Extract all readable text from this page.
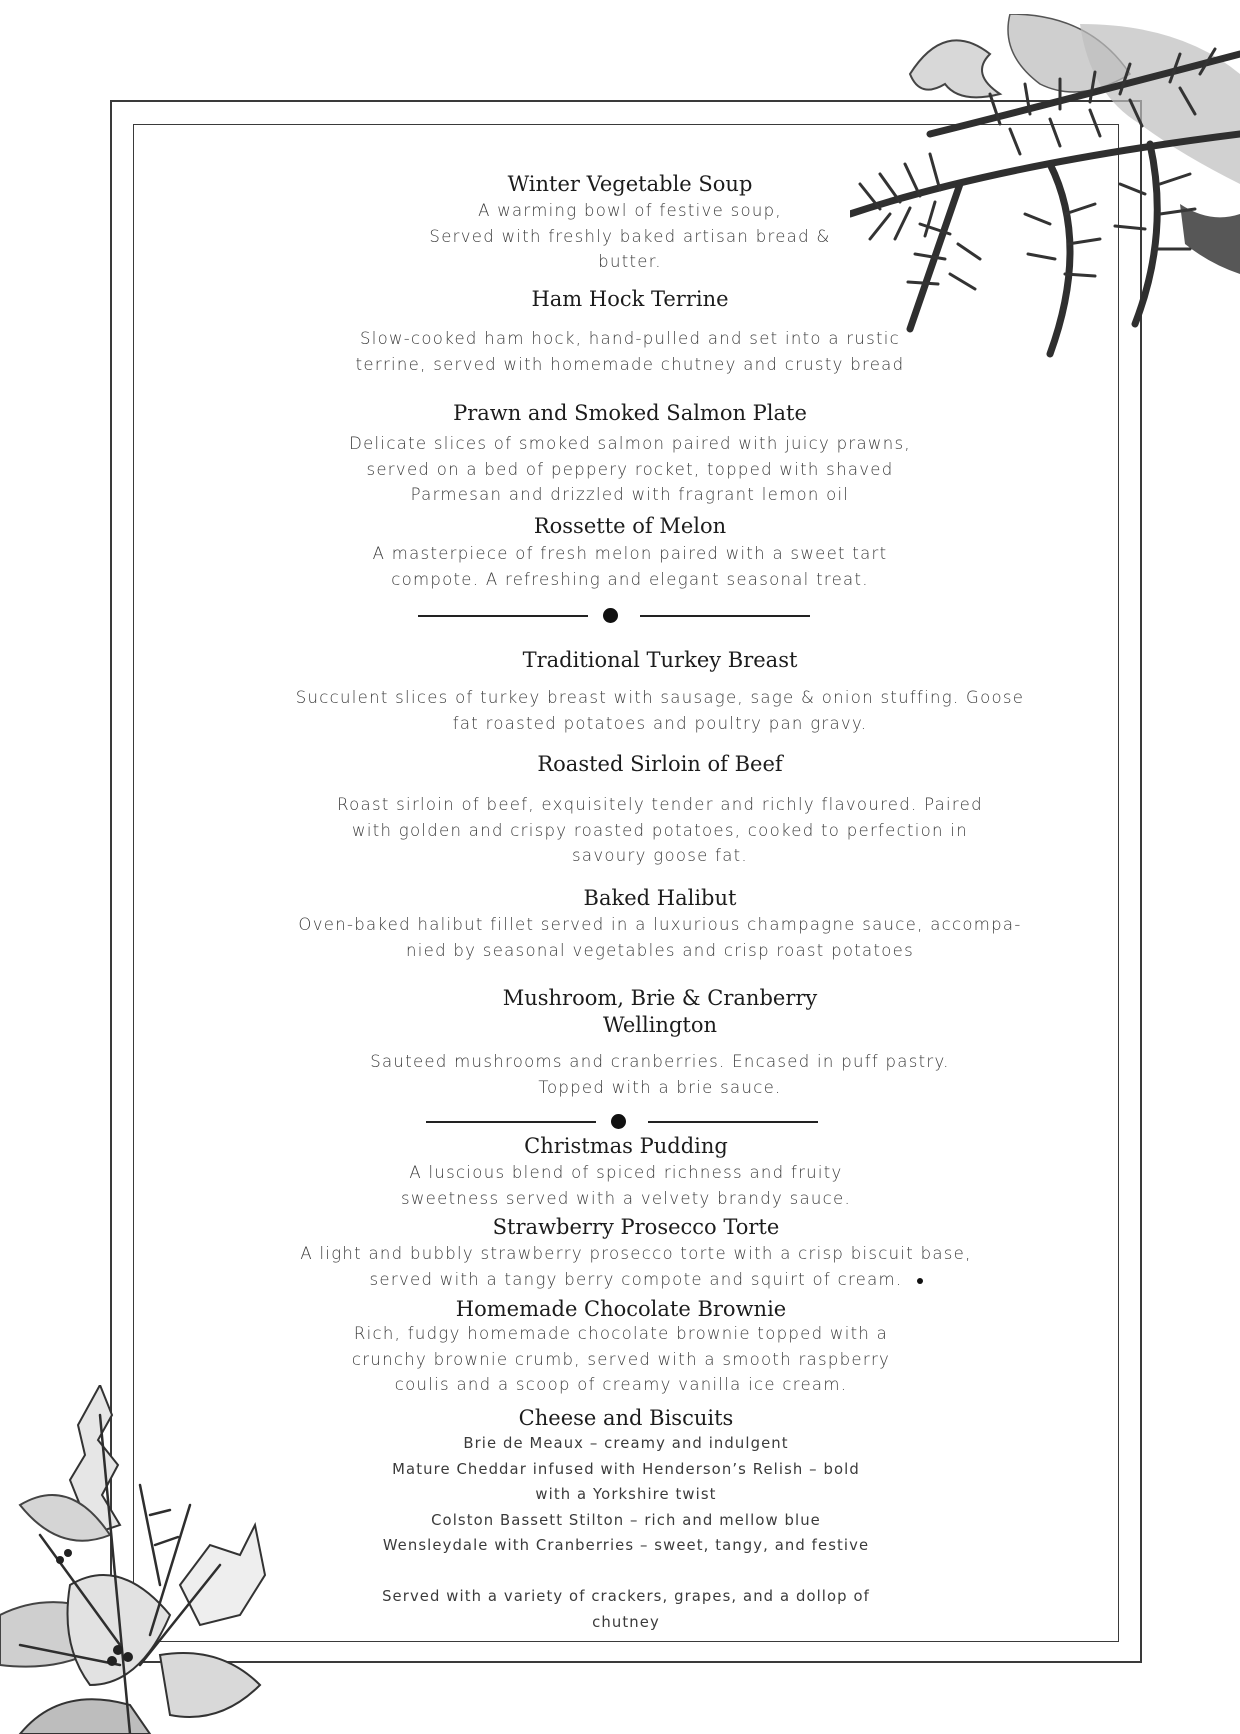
Winter Vegetable Soup
A warming bowl of festive soup,
Served with freshly baked artisan bread &
butter.
Ham Hock Terrine
Slow-cooked ham hock, hand-pulled and set into a rustic
terrine, served with homemade chutney and crusty bread
Prawn and Smoked Salmon Plate
Delicate slices of smoked salmon paired with juicy prawns,
served on a bed of peppery rocket, topped with shaved
Parmesan and drizzled with fragrant lemon oil
Rossette of Melon
A masterpiece of fresh melon paired with a sweet tart
compote. A refreshing and elegant seasonal treat.
Traditional Turkey Breast
Succulent slices of turkey breast with sausage, sage & onion stuffing. Goose
fat roasted potatoes and poultry pan gravy.
Roasted Sirloin of Beef
Roast sirloin of beef, exquisitely tender and richly flavoured. Paired
with golden and crispy roasted potatoes, cooked to perfection in
savoury goose fat.
Baked Halibut
Oven-baked halibut fillet served in a luxurious champagne sauce, accompa-
nied by seasonal vegetables and crisp roast potatoes
Mushroom, Brie & Cranberry
Wellington
Sauteed mushrooms and cranberries. Encased in puff pastry.
Topped with a brie sauce.
Christmas Pudding
A luscious blend of spiced richness and fruity
sweetness served with a velvety brandy sauce.
Strawberry Prosecco Torte
A light and bubbly strawberry prosecco torte with a crisp biscuit base,
served with a tangy berry compote and squirt of cream.
Homemade Chocolate Brownie
Rich, fudgy homemade chocolate brownie topped with a
crunchy brownie crumb, served with a smooth raspberry
coulis and a scoop of creamy vanilla ice cream.
Cheese and Biscuits
Brie de Meaux – creamy and indulgent
Mature Cheddar infused with Henderson’s Relish – bold
with a Yorkshire twist
Colston Bassett Stilton – rich and mellow blue
Wensleydale with Cranberries – sweet, tangy, and festive

Served with a variety of crackers, grapes, and a dollop of
chutney
